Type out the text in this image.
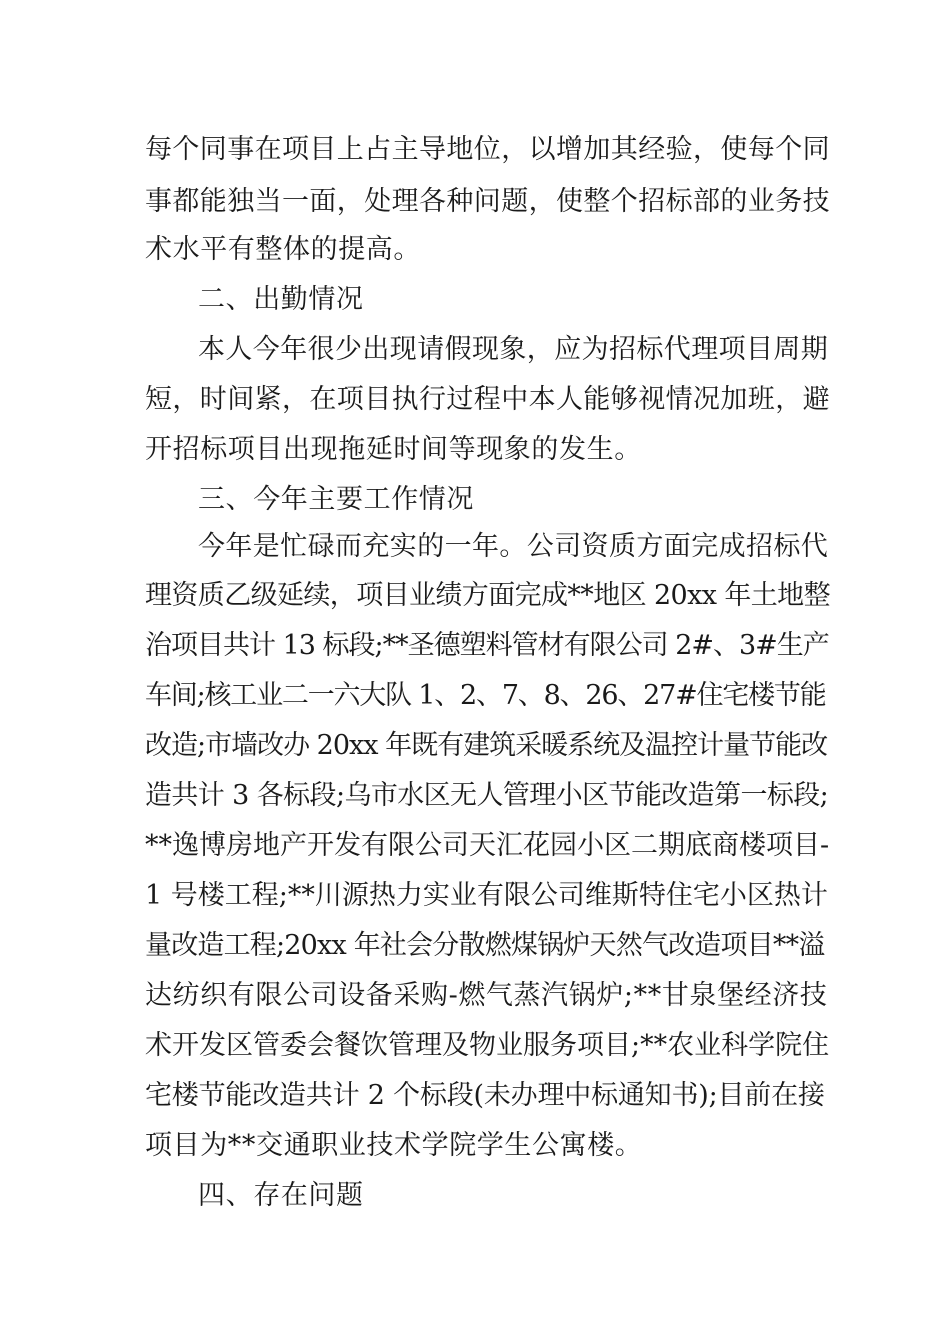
每个同事在项目上占主导地位，以增加其经验，使每个同
事都能独当一面，处理各种问题，使整个招标部的业务技
术水平有整体的提高。
二、出勤情况
本人今年很少出现请假现象，应为招标代理项目周期
短，时间紧，在项目执行过程中本人能够视情况加班，避
开招标项目出现拖延时间等现象的发生。
三、今年主要工作情况
今年是忙碌而充实的一年。公司资质方面完成招标代
理资质乙级延续，项目业绩方面完成**地区 20xx 年土地整
治项目共计 13 标段;**圣德塑料管材有限公司 2#、3#生产
车间;核工业二一六大队 1、2、7、8、26、27#住宅楼节能
改造;市墙改办 20xx 年既有建筑采暖系统及温控计量节能改
造共计 3 各标段;乌市水区无人管理小区节能改造第一标段;
**逸博房地产开发有限公司天汇花园小区二期底商楼项目-
1 号楼工程;**川源热力实业有限公司维斯特住宅小区热计
量改造工程;20xx 年社会分散燃煤锅炉天然气改造项目**溢
达纺织有限公司设备采购-燃气蒸汽锅炉;**甘泉堡经济技
术开发区管委会餐饮管理及物业服务项目;**农业科学院住
宅楼节能改造共计 2 个标段(未办理中标通知书);目前在接
项目为**交通职业技术学院学生公寓楼。
四、存在问题
